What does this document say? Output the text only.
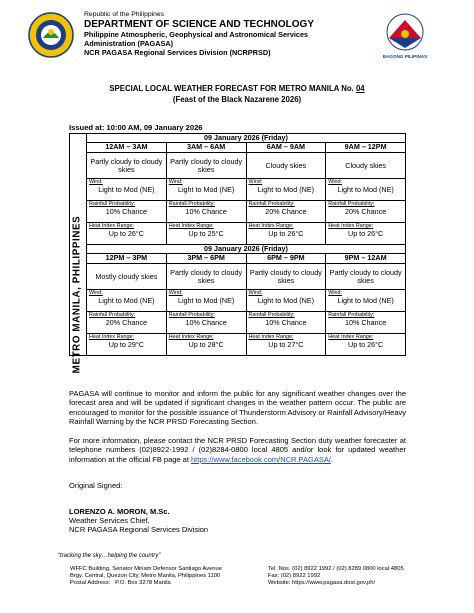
BAGONG PILIPINAS
Republic of the Philippines
DEPARTMENT OF SCIENCE AND TECHNOLOGY
Philippine Atmospheric, Geophysical and Astronomical Services
Administration (PAGASA)
NCR PAGASA Regional Services Division (NCRPRSD)
SPECIAL LOCAL WEATHER FORECAST FOR METRO MANILA No. 04
(Feast of the Black Nazarene 2026)
Issued at: 10:00 AM, 09 January 2026
	09 January 2026 (Friday)			
	12AM – 3AM	3AM – 6AM	6AM – 9AM	9AM – 12PM
	Partly cloudy to cloudy skies	Partly cloudy to cloudy skies	Cloudy skies	Cloudy skies

	Wind:
Light to Mod (NE)	Wind:
Light to Mod (NE)	Wind:
Light to Mod (NE)	Wind:
Light to Mod (NE)

	Rainfall Probability:
10% Chance	Rainfall Probability:
10% Chance	Rainfall Probability:
20% Chance	Rainfall Probability:
20% Chance

	Heat Index Range:
Up to 26°C	Heat Index Range:
Up to 25°C	Heat Index Range:
Up to 26°C	Heat Index Range:
Up to 26°C

	09 January 2026 (Friday)			
	12PM – 3PM	3PM – 6PM	6PM – 9PM	9PM – 12AM
	Mostly cloudy skies	Partly cloudy to cloudy skies	Partly cloudy to cloudy skies	Partly cloudy to cloudy skies

	Wind:
Light to Mod (NE)	Wind:
Light to Mod (NE)	Wind:
Light to Mod (NE)	Wind:
Light to Mod (NE)

	Rainfall Probability:
20% Chance	Rainfall Probability:
10% Chance	Rainfall Probability:
10% Chance	Rainfall Probability:
10% Chance

	Heat Index Range:
Up to 29°C	Heat Index Range:
Up to 28°C	Heat Index Range:
Up to 27°C	Heat Index Range:
Up to 26°C
METRO MANILA, PHILIPPINES
PAGASA will continue to monitor and inform the public for any significant weather changes over the forecast area and will be updated if significant changes in the weather pattern occur. The public are encouraged to monitor for the possible issuance of Thunderstorm Advisory or Rainfall Advisory/Heavy Rainfall Warning by the NCR PRSD Forecasting Section.
For more information, please contact the NCR PRSD Forecasting Section duty weather forecaster at telephone numbers (02)8922-1992 / (02)8284-0800 local 4805 and/or look for updated weather information at the official FB page at https://www.facebook.com/NCR.PAGASA/.
Original Signed:
LORENZO A. MORON, M.Sc.
Weather Services Chief,
NCR PAGASA Regional Services Division
“tracking the sky…helping the country”
WFFC Building, Senator Miriam Defensor Santiago Avenue
Brgy. Central, Quezon City, Metro Manila, Philippines 1100
Postal Address:   P.O. Box 3278 Manila
Tel. Nos. (02) 8922 1992 / (02) 8289 0800 local 4805
Fax: (02) 8922 1992
Website: https://www.pagasa.dost.gov.ph/
